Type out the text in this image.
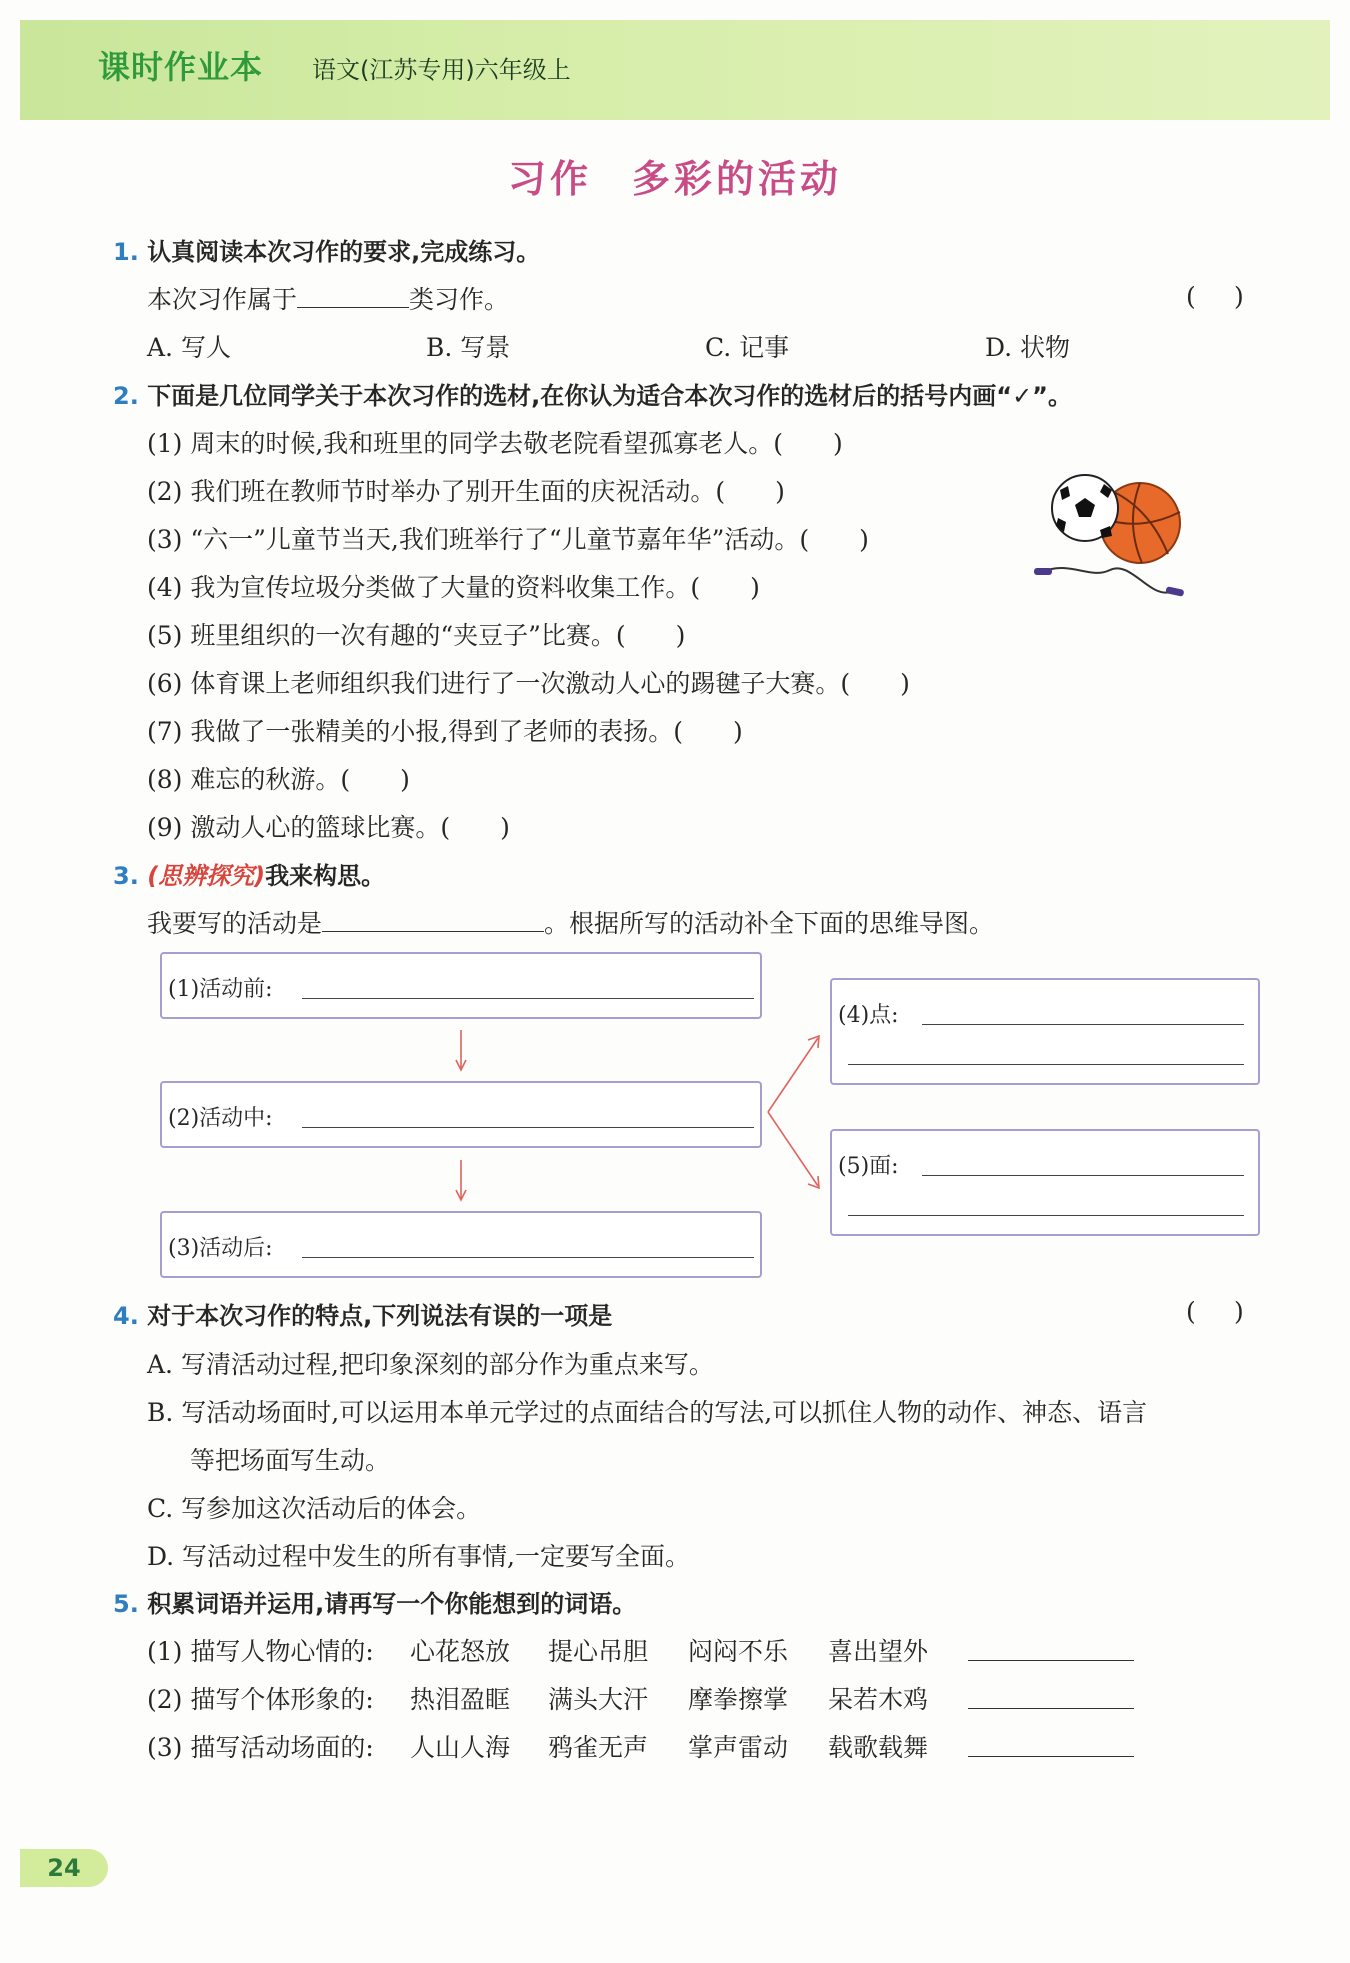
课时作业本 语文(江苏专用)六年级上
习作 多彩的活动
1. 认真阅读本次习作的要求,完成练习。
本次习作属于	类习作。	( )
A. 写人	B. 写景	C. 记事	D. 状物
2. 下面是几位同学关于本次习作的选材,在你认为适合本次习作的选材后的括号内画“✓”。
(1) 周末的时候,我和班里的同学去敬老院看望孤寡老人。(　　)
(2) 我们班在教师节时举办了别开生面的庆祝活动。(　　)
(3) “六一”儿童节当天,我们班举行了“儿童节嘉年华”活动。(　　)
(4) 我为宣传垃圾分类做了大量的资料收集工作。(　　)
(5) 班里组织的一次有趣的“夹豆子”比赛。(　　)
(6) 体育课上老师组织我们进行了一次激动人心的踢毽子大赛。(　　)
(7) 我做了一张精美的小报,得到了老师的表扬。(　　)
(8) 难忘的秋游。(　　)
(9) 激动人心的篮球比赛。(　　)
3. (思辨探究)我来构思。
我要写的活动是	。根据所写的活动补全下面的思维导图。
(1)活动前:
(2)活动中:
(3)活动后:
(4)点:
(5)面:
4. 对于本次习作的特点,下列说法有误的一项是	( )
A. 写清活动过程,把印象深刻的部分作为重点来写。
B. 写活动场面时,可以运用本单元学过的点面结合的写法,可以抓住人物的动作、神态、语言
等把场面写生动。
C. 写参加这次活动后的体会。
D. 写活动过程中发生的所有事情,一定要写全面。
5. 积累词语并运用,请再写一个你能想到的词语。
(1) 描写人物心情的: 心花怒放 提心吊胆 闷闷不乐 喜出望外
(2) 描写个体形象的: 热泪盈眶 满头大汗 摩拳擦掌 呆若木鸡
(3) 描写活动场面的: 人山人海 鸦雀无声 掌声雷动 载歌载舞
24
